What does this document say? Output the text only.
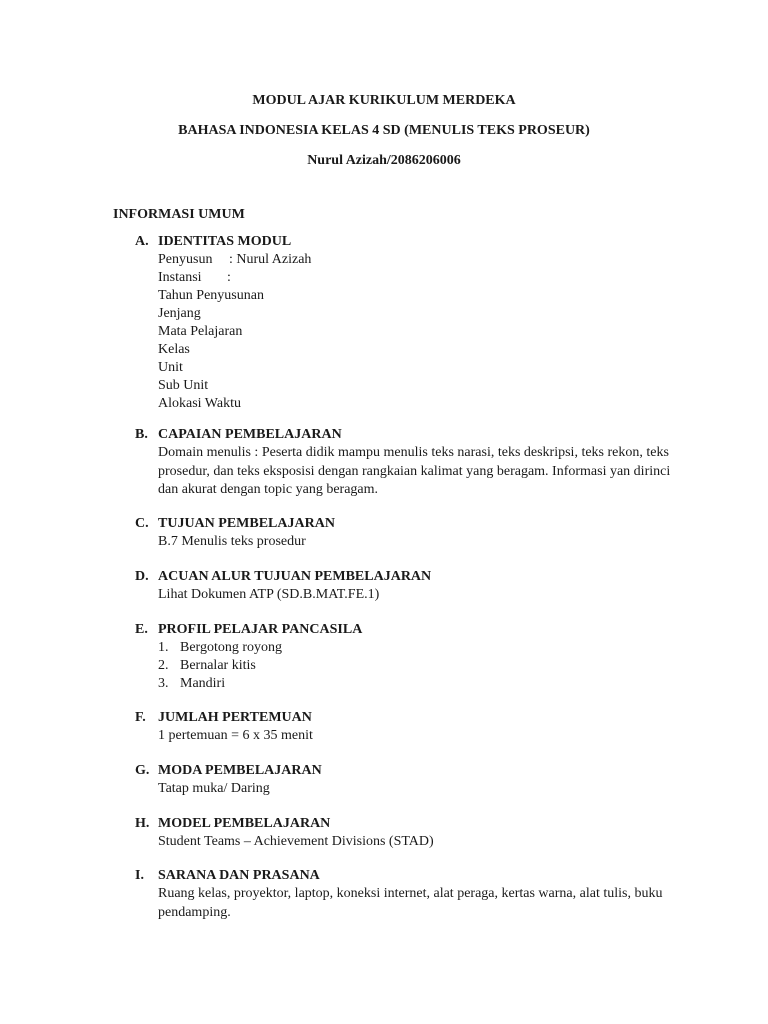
MODUL AJAR KURIKULUM MERDEKA
BAHASA INDONESIA KELAS 4 SD (MENULIS TEKS PROSEUR)
Nurul Azizah/2086206006
INFORMASI UMUM
A. IDENTITAS MODUL
Penyusun	: Nurul Azizah
Instansi	:
Tahun Penyusunan
Jenjang
Mata Pelajaran
Kelas
Unit
Sub Unit
Alokasi Waktu
B. CAPAIAN PEMBELAJARAN
Domain menulis : Peserta didik mampu menulis teks narasi, teks deskripsi, teks rekon, teks
prosedur, dan teks eksposisi dengan rangkaian kalimat yang beragam. Informasi yan dirinci
dan akurat dengan topic yang beragam.
C. TUJUAN PEMBELAJARAN
B.7 Menulis teks prosedur
D. ACUAN ALUR TUJUAN PEMBELAJARAN
Lihat Dokumen ATP (SD.B.MAT.FE.1)
E. PROFIL PELAJAR PANCASILA
1. Bergotong royong
2. Bernalar kitis
3. Mandiri
F. JUMLAH PERTEMUAN
1 pertemuan = 6 x 35 menit
G. MODA PEMBELAJARAN
Tatap muka/ Daring
H. MODEL PEMBELAJARAN
Student Teams – Achievement Divisions (STAD)
I.	SARANA DAN PRASANA
Ruang kelas, proyektor, laptop, koneksi internet, alat peraga, kertas warna, alat tulis, buku
pendamping.
